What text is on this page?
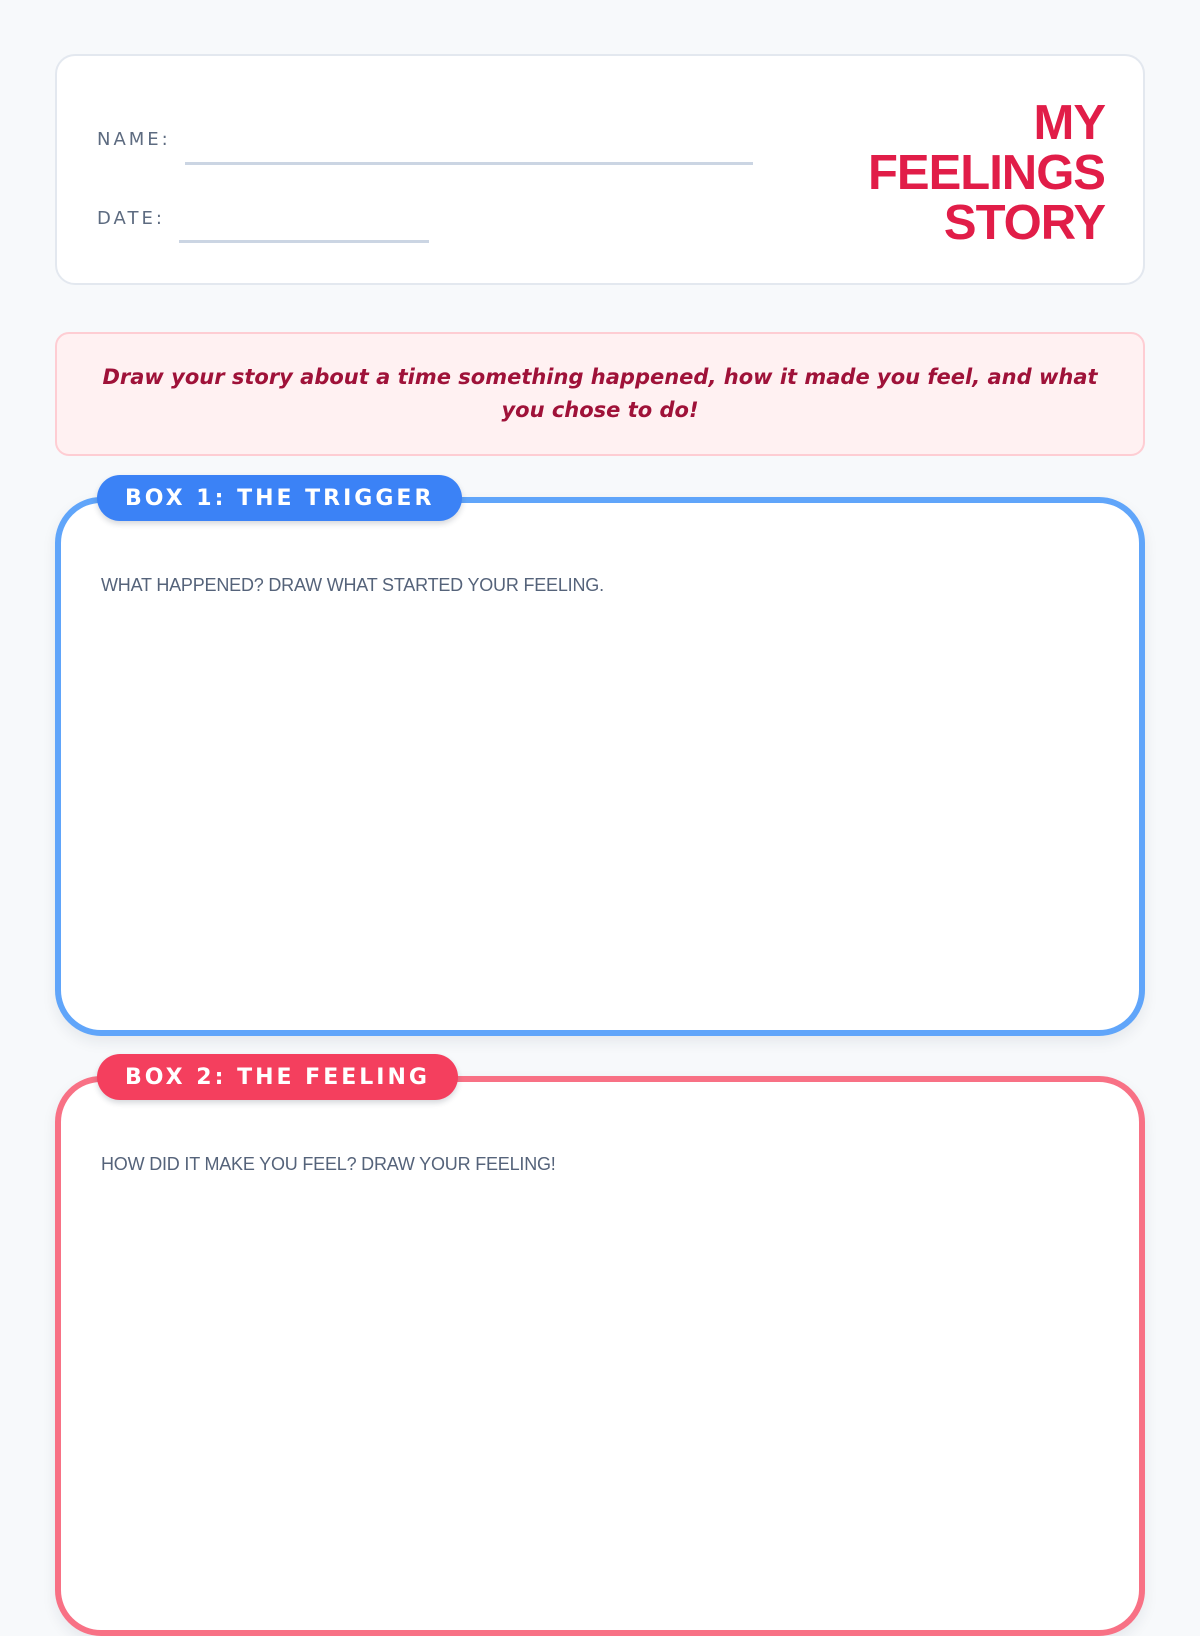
NAME:
DATE:
MY
FEELINGS
STORY
Draw your story about a time something happened, how it made you feel, and what you chose to do!
BOX 1: THE TRIGGER
WHAT HAPPENED? DRAW WHAT STARTED YOUR FEELING.
BOX 2: THE FEELING
HOW DID IT MAKE YOU FEEL? DRAW YOUR FEELING!
